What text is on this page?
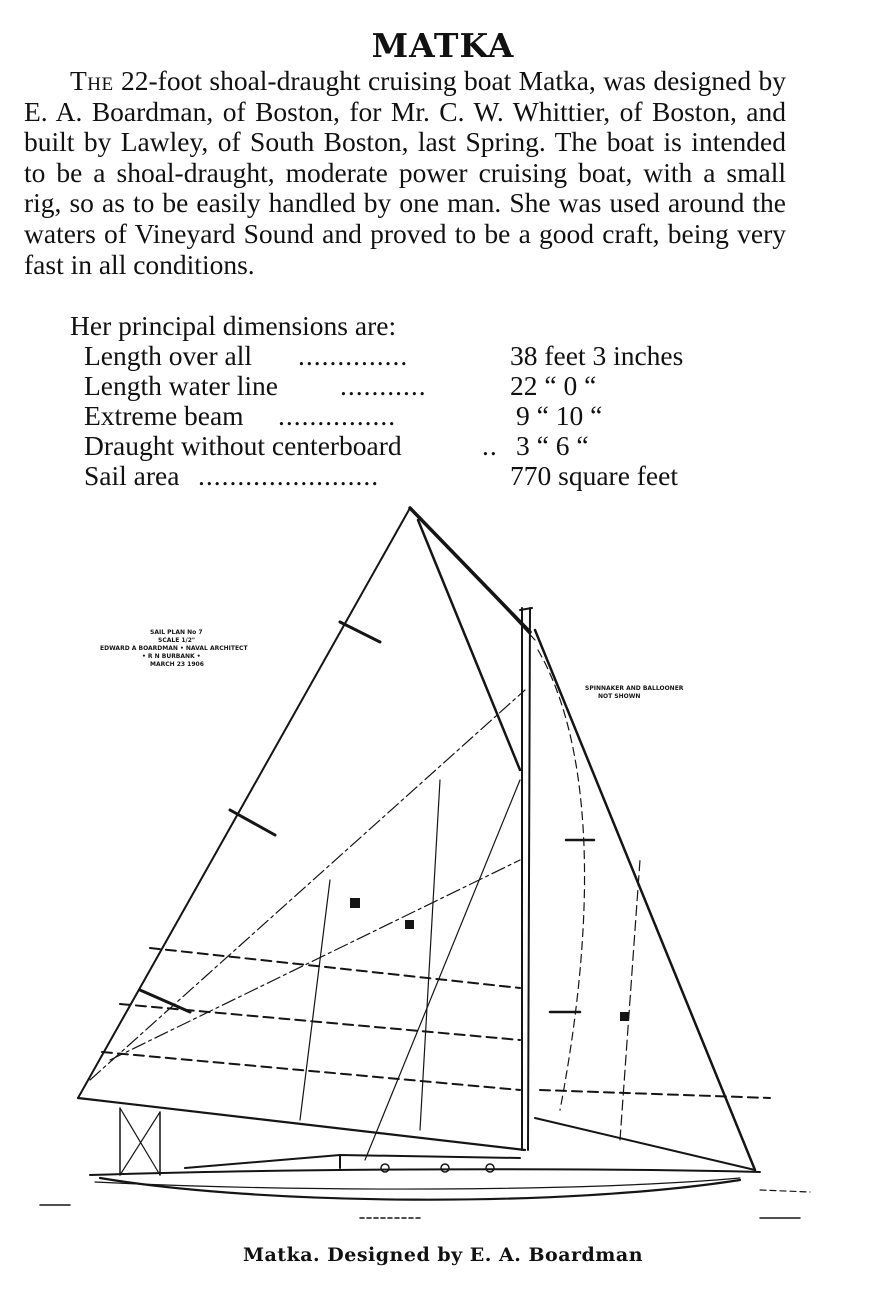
MATKA

The 22-foot shoal-draught cruising boat Matka, was designed by E. A. Boardman, of Boston, for Mr. C. W. Whittier, of Boston, and built by Lawley, of South Boston, last Spring. The boat is intended to be a shoal-draught, moderate power cruising boat, with a small rig, so as to be easily handled by one man. She was used around the waters of Vineyard Sound and proved to be a good craft, being very fast in all conditions.

Her principal dimensions are:

Length over all ..............	38 feet 3 inches
Length water line ...........	22 “ 0 “
Extreme beam ...............	9 “ 10 “
Draught without centerboard	.. 3 “ 6 “
Sail area .......................	770 square feet
SAIL PLAN No 7
SCALE 1/2"
EDWARD A BOARDMAN • NAVAL ARCHITECT
• R N BURBANK •
MARCH 23 1906
SPINNAKER AND BALLOONER
NOT SHOWN

Matka. Designed by E. A. Boardman
